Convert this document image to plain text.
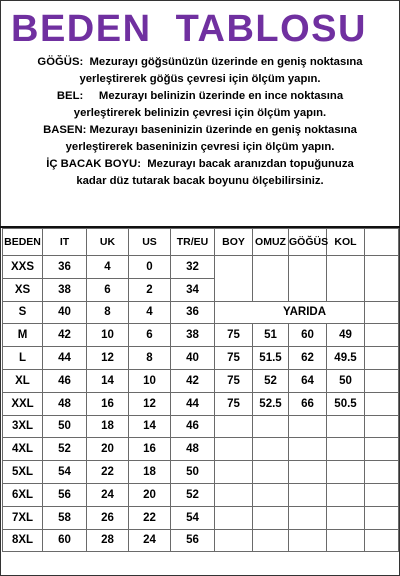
BEDEN  TABLOSU
GÖĞÜS:  Mezurayı göğsünüzün üzerinde en geniş noktasına
yerleştirerek göğüs çevresi için ölçüm yapın.
BEL:     Mezurayı belinizin üzerinde en ince noktasına
yerleştirerek belinizin çevresi için ölçüm yapın.
BASEN: Mezurayı baseninizin üzerinde en geniş noktasına
yerleştirerek baseninizin çevresi için ölçüm yapın.
İÇ BACAK BOYU:  Mezurayı bacak aranızdan topuğunuza
kadar düz tutarak bacak boyunu ölçebilirsiniz.
BEDEN	IT	UK	US	TR/EU	BOY	OMUZ	GÖĞÜS	KOL	
XXS	36	4	0	32					
XS	38	6	2	34					
S	40	8	4	36	YARIDA				
M	42	10	6	38	75	51	60	49	
L	44	12	8	40	75	51.5	62	49.5	
XL	46	14	10	42	75	52	64	50	
XXL	48	16	12	44	75	52.5	66	50.5	
3XL	50	18	14	46					
4XL	52	20	16	48					
5XL	54	22	18	50					
6XL	56	24	20	52					
7XL	58	26	22	54					
8XL	60	28	24	56					
